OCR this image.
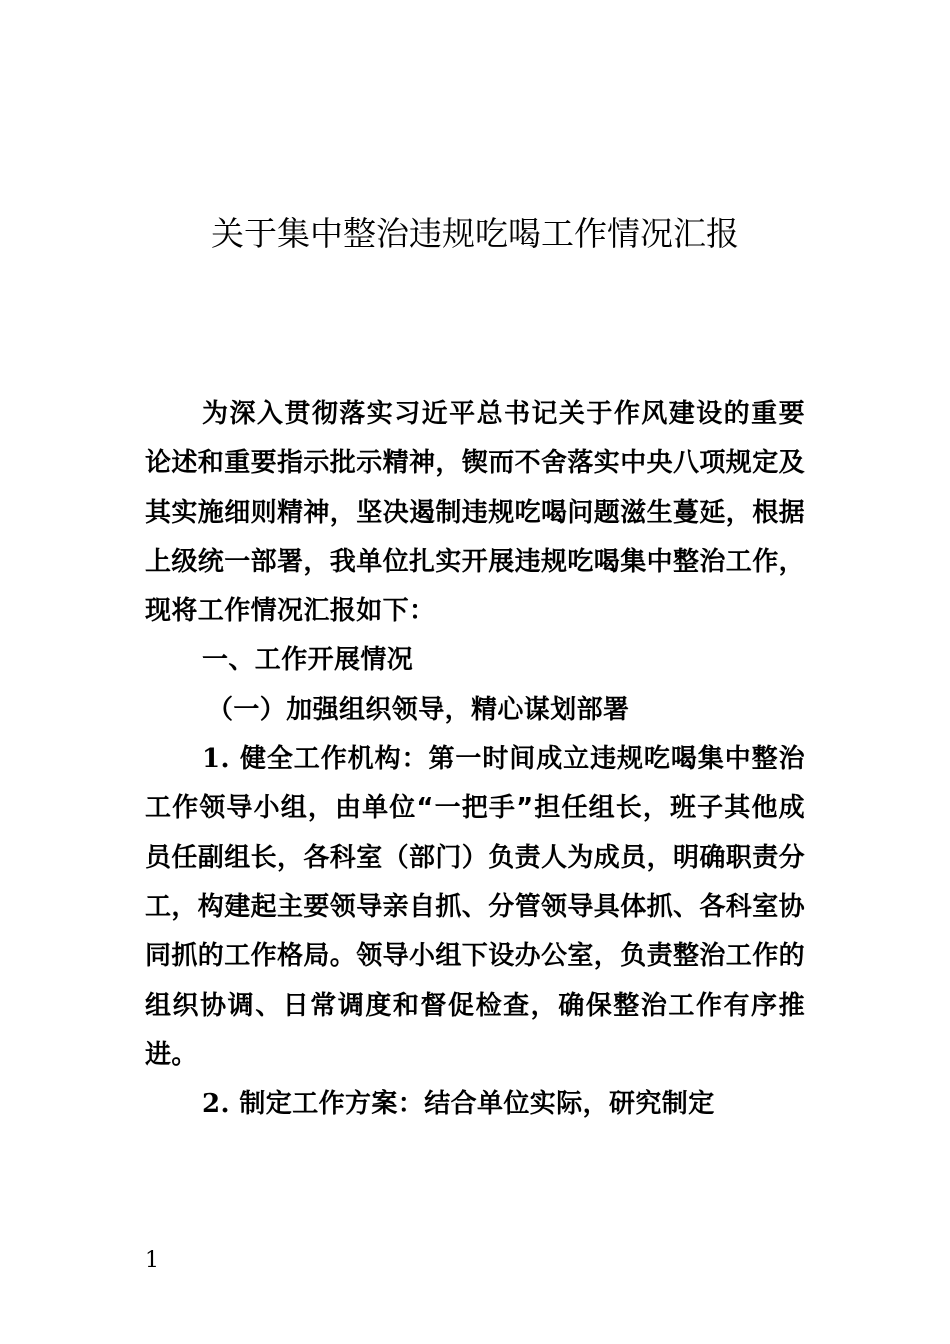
关于集中整治违规吃喝工作情况汇报

为深入贯彻落实习近平总书记关于作风建设的重要论述和重要指示批示精神，锲而不舍落实中央八项规定及其实施细则精神，坚决遏制违规吃喝问题滋生蔓延，根据上级统一部署，我单位扎实开展违规吃喝集中整治工作，现将工作情况汇报如下：

一、工作开展情况

（一）加强组织领导，精心谋划部署

1. 健全工作机构：第一时间成立违规吃喝集中整治工作领导小组，由单位“一把手”担任组长，班子其他成员任副组长，各科室（部门）负责人为成员，明确职责分工，构建起主要领导亲自抓、分管领导具体抓、各科室协同抓的工作格局。领导小组下设办公室，负责整治工作的组织协调、日常调度和督促检查，确保整治工作有序推进。

2. 制定工作方案：结合单位实际，研究制定

1
